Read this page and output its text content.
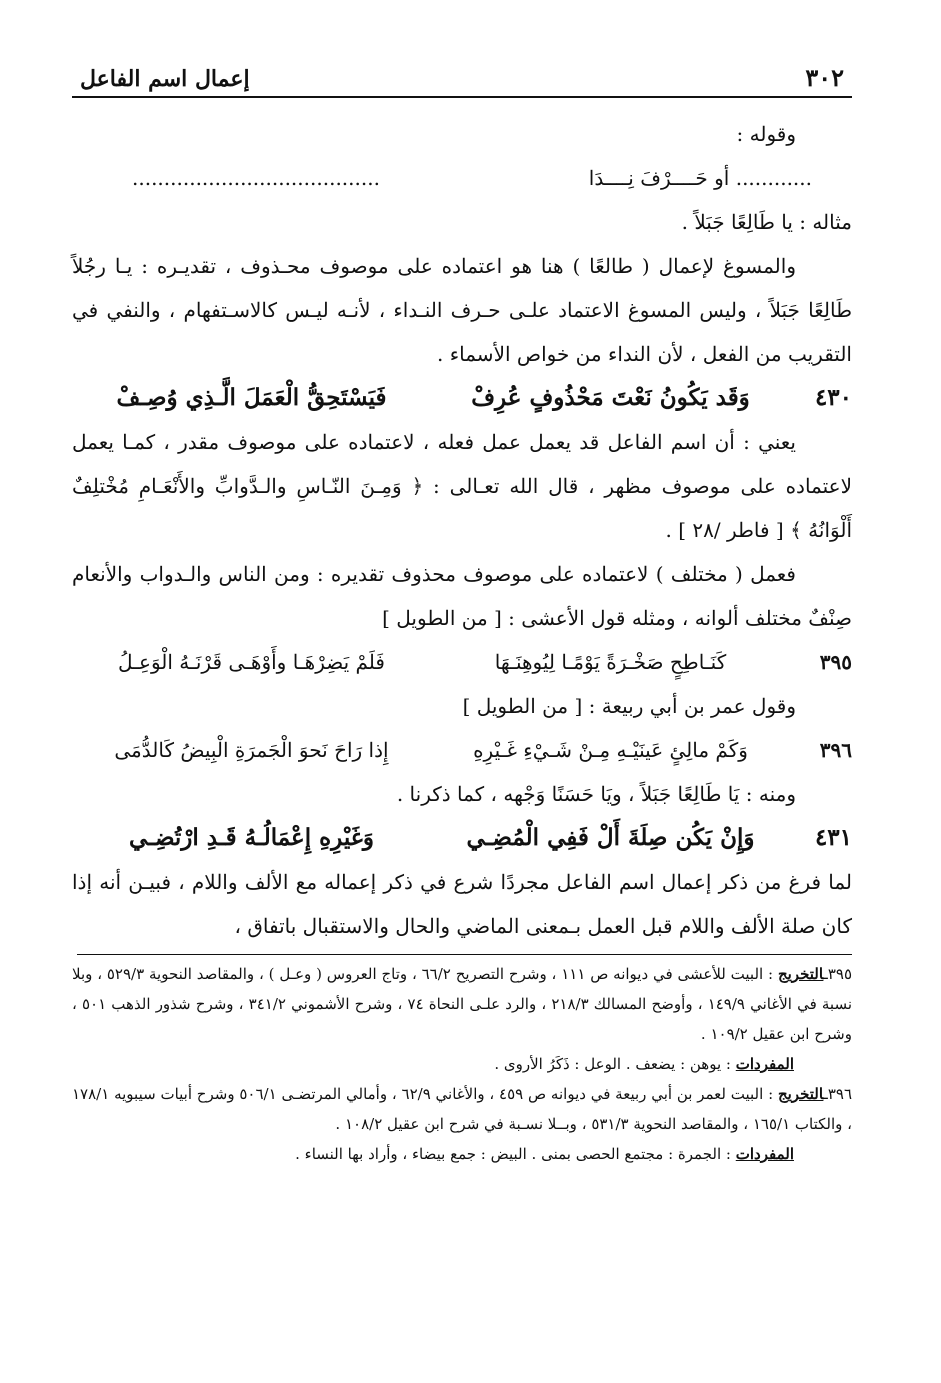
٣٠٢
إعمال اسم الفاعل

وقوله :

............ أو حَــــرْفَ نِــــدَا
.......................................

مثاله : يا طَالِعًا جَبَلاً .

والمسوغ لإعمال ( طالعًا ) هنا هو اعتماده على موصوف محـذوف ، تقديـره : يـا رجُلاً طَالِعًا جَبَلاً ، وليس المسوغ الاعتماد علـى حـرف النـداء ، لأنـه ليـس كالاسـتفهام ، والنفي في التقريب من الفعل ، لأن النداء من خواص الأسماء .

٤٣٠
وَقَد يَكُونُ نَعْتَ مَحْذُوفٍ عُرِفْ
فَيَسْتَحِقُّ الْعَمَلَ الَّـذِي وُصِـفْ

يعني : أن اسم الفاعل قد يعمل عمل فعله ، لاعتماده على موصوف مقدر ، كمـا يعمل لاعتماده على موصوف مظهر ، قال الله تعـالى : ﴿ وَمِـنَ النّـاسِ والـدَّوابِّ والأَنْعَـامِ مُخْتلِفٌ أَلْوَانُهُ ﴾ [ فاطر /٢٨ ] .

فعمل ( مختلف ) لاعتماده على موصوف محذوف تقديره : ومن الناس والـدواب والأنعام صِنْفٌ مختلف ألوانه ، ومثله قول الأعشى : [ من الطويل ]

٣٩٥
كَنَـاطِحٍ صَخْـرَةً يَوْمًـا لِيُوهِنَـهَا
فَلَمْ يَضِرْهَـا وأَوْهَـى قَرْنَـهُ الْوَعِـلُ

وقول عمر بن أبي ربيعة : [ من الطويل ]

٣٩٦
وَكَمْ مالِئٍ عَينَيْـهِ مِـنْ شَـيْءِ غَـيْرِهِ
إِذا رَاحَ نَحوَ الْجَمرَةِ الْبِيضُ كَالدُّمَى

ومنه : يَا طَالِعًا جَبَلاً ، ويَا حَسَنًا وَجْهه ، كما ذكرنا .

٤٣١
وَإِنْ يَكُن صِلَةَ أَلْ فَفِي الْمُضِـي
وَغَيْرِهِ إِعْمَالُـهُ قَـدِ ارْتُضِـي

لما فرغ من ذكر إعمال اسم الفاعل مجردًا شرع في ذكر إعماله مع الألف واللام ، فبيـن أنه إذا كان صلة الألف واللام قبل العمل بـمعنى الماضي والحال والاستقبال باتفاق ،

٣٩٥ـالتخريج : البيت للأعشى في ديوانه ص ١١١ ، وشرح التصريح ٦٦/٢ ، وتاج العروس ( وعـل ) ، والمقاصد النحوية ٥٢٩/٣ ، وبلا نسبة في الأغاني ١٤٩/٩ ، وأوضح المسالك ٢١٨/٣ ، والرد علـى النحاة ٧٤ ، وشرح الأشموني ٣٤١/٢ ، وشرح شذور الذهب ٥٠١ ، وشرح ابن عقيل ١٠٩/٢ .

المفردات : يوهن : يضعف . الوعل : ذَكَرُ الأروى .

٣٩٦ـالتخريج : البيت لعمر بن أبي ربيعة في ديوانه ص ٤٥٩ ، والأغاني ٦٢/٩ ، وأمالي المرتضـى ٥٠٦/١ وشرح أبيات سيبويه ١٧٨/١ ، والكتاب ١٦٥/١ ، والمقاصد النحوية ٥٣١/٣ ، وبــلا نسـبة في شرح ابن عقيل ١٠٨/٢ .

المفردات : الجمرة : مجتمع الحصى بمنى . البيض : جمع بيضاء ، وأراد بها النساء .
